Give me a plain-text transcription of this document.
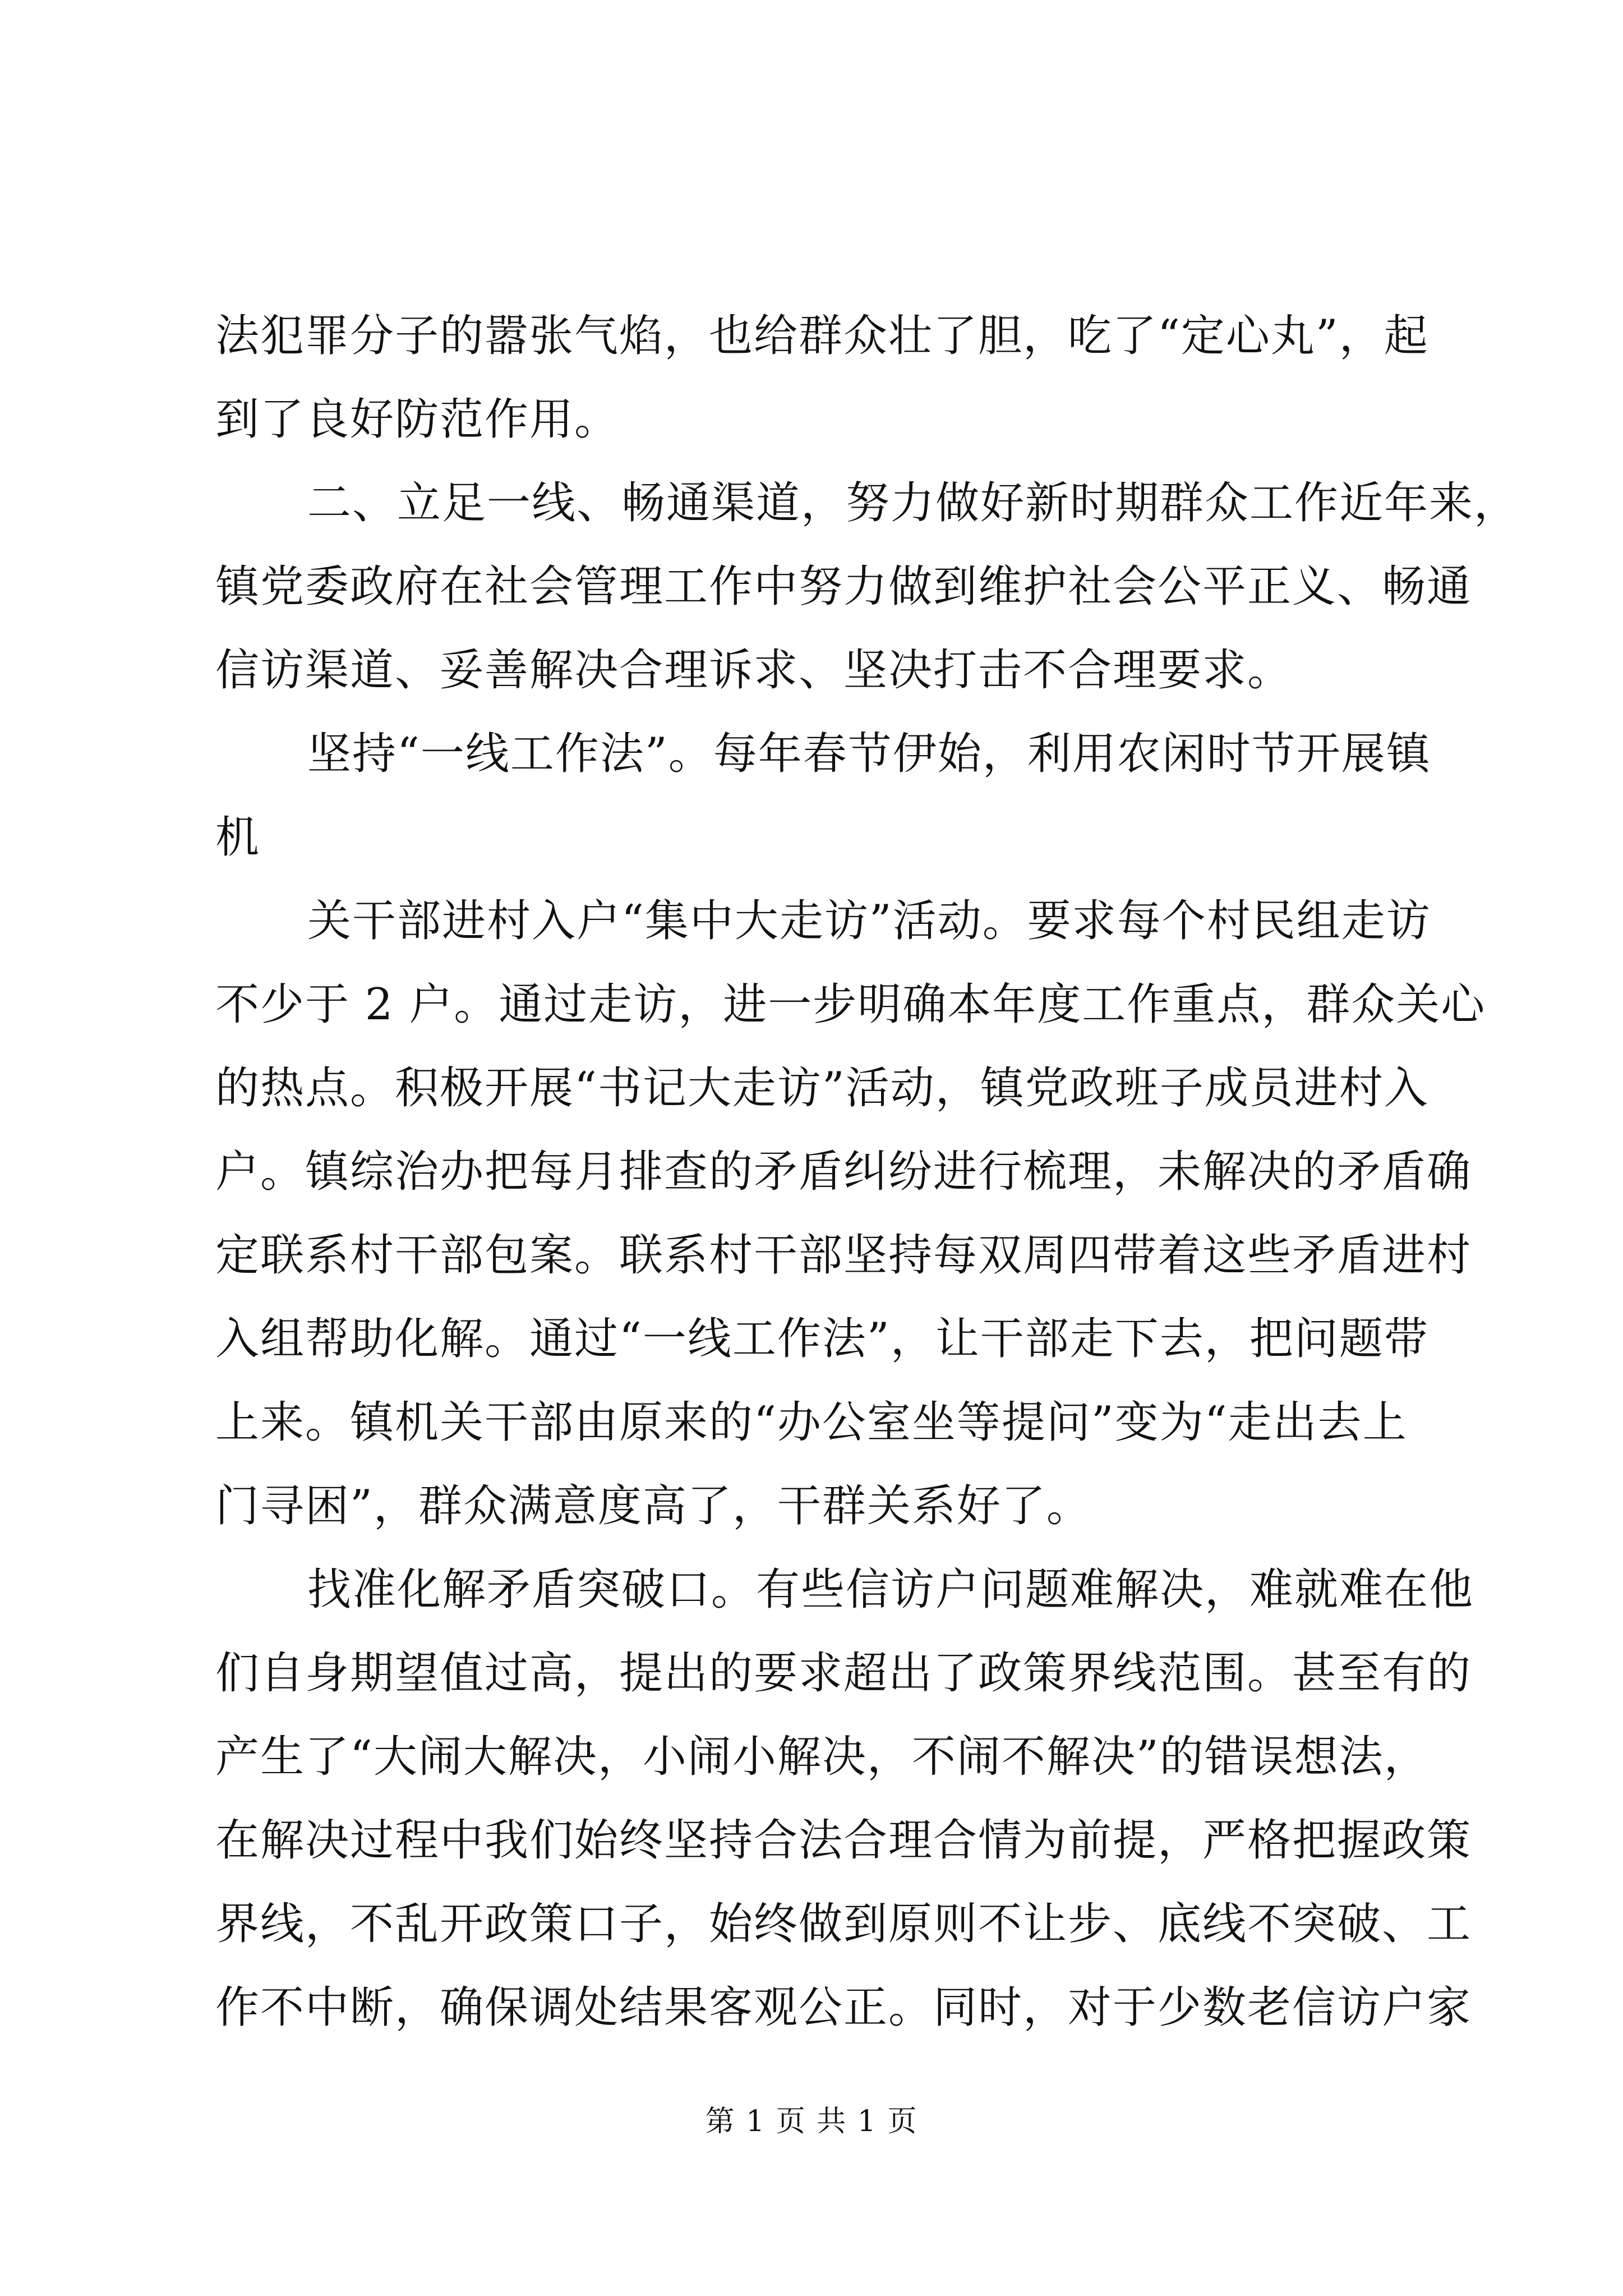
法犯罪分子的嚣张气焰，也给群众壮了胆，吃了“定心丸”，起
到了良好防范作用。
二、立足一线、畅通渠道，努力做好新时期群众工作近年来，
镇党委政府在社会管理工作中努力做到维护社会公平正义、畅通
信访渠道、妥善解决合理诉求、坚决打击不合理要求。
坚持“一线工作法”。每年春节伊始，利用农闲时节开展镇
机
关干部进村入户“集中大走访”活动。要求每个村民组走访
不少于 2 户。通过走访，进一步明确本年度工作重点，群众关心
的热点。积极开展“书记大走访”活动，镇党政班子成员进村入
户。镇综治办把每月排查的矛盾纠纷进行梳理，未解决的矛盾确
定联系村干部包案。联系村干部坚持每双周四带着这些矛盾进村
入组帮助化解。通过“一线工作法”，让干部走下去，把问题带
上来。镇机关干部由原来的“办公室坐等提问”变为“走出去上
门寻困”，群众满意度高了，干群关系好了。
找准化解矛盾突破口。有些信访户问题难解决，难就难在他
们自身期望值过高，提出的要求超出了政策界线范围。甚至有的
产生了“大闹大解决，小闹小解决，不闹不解决”的错误想法，
在解决过程中我们始终坚持合法合理合情为前提，严格把握政策
界线，不乱开政策口子，始终做到原则不让步、底线不突破、工
作不中断，确保调处结果客观公正。同时，对于少数老信访户家
第 1 页 共 1 页
